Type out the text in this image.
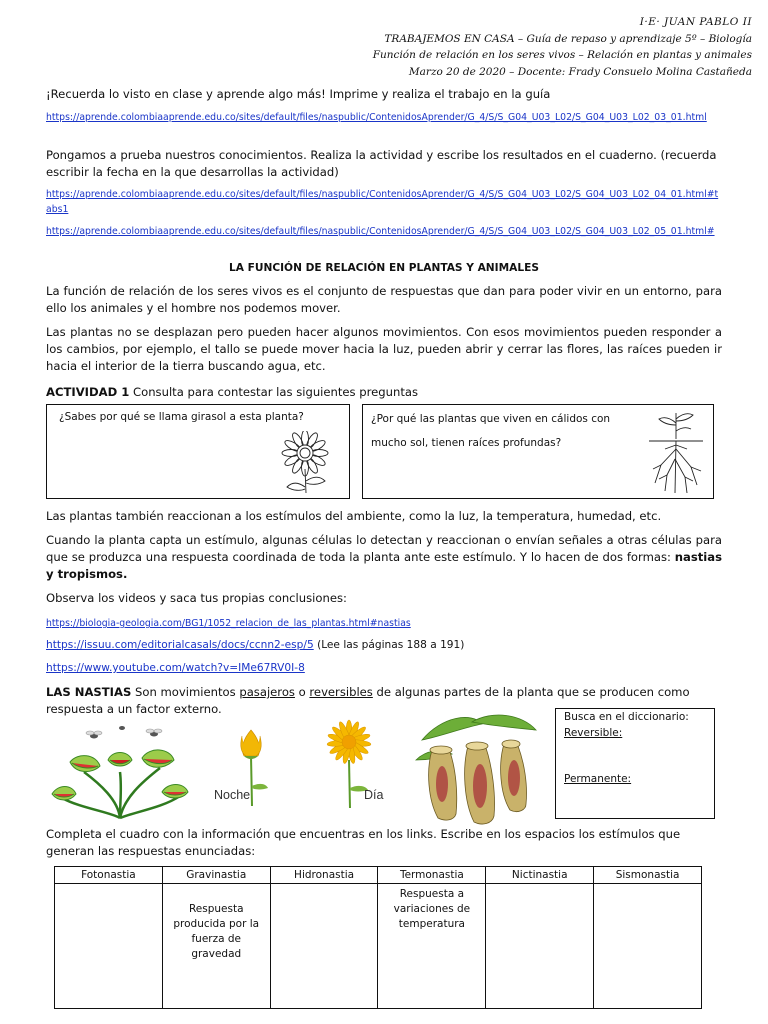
I·E· JUAN PABLO II
TRABAJEMOS EN CASA – Guía de repaso y aprendizaje 5º – Biología
Función de relación en los seres vivos – Relación en plantas y animales
Marzo 20 de 2020 – Docente: Frady Consuelo Molina Castañeda
¡Recuerda lo visto en clase y aprende algo más! Imprime y realiza el trabajo en la guía
https://aprende.colombiaaprende.edu.co/sites/default/files/naspublic/ContenidosAprender/G_4/S/S_G04_U03_L02/S_G04_U03_L02_03_01.html
Pongamos a prueba nuestros conocimientos. Realiza la actividad y escribe los resultados en el cuaderno. (recuerda escribir la fecha en la que desarrollas la actividad)
https://aprende.colombiaaprende.edu.co/sites/default/files/naspublic/ContenidosAprender/G_4/S/S_G04_U03_L02/S_G04_U03_L02_04_01.html#tabs1
https://aprende.colombiaaprende.edu.co/sites/default/files/naspublic/ContenidosAprender/G_4/S/S_G04_U03_L02/S_G04_U03_L02_05_01.html#
LA FUNCIÓN DE RELACIÓN EN PLANTAS Y ANIMALES
La función de relación de los seres vivos es el conjunto de respuestas que dan para poder vivir en un entorno, para ello los animales y el hombre nos podemos mover.
Las plantas no se desplazan pero pueden hacer algunos movimientos. Con esos movimientos pueden responder a los cambios, por ejemplo, el tallo se puede mover hacia la luz, pueden abrir y cerrar las flores, las raíces pueden ir hacia el interior de la tierra buscando agua, etc.
ACTIVIDAD 1 Consulta para contestar las siguientes preguntas
¿Sabes por qué se llama girasol a esta planta?	¿Por qué las plantas que viven en cálidos con
mucho sol, tienen raíces profundas?
Las plantas también reaccionan a los estímulos del ambiente, como la luz, la temperatura, humedad, etc.
Cuando la planta capta un estímulo, algunas células lo detectan y reaccionan o envían señales a otras células para que se produzca una respuesta coordinada de toda la planta ante este estímulo. Y lo hacen de dos formas: nastias y tropismos.
Observa los videos y saca tus propias conclusiones:
https://biologia-geologia.com/BG1/1052_relacion_de_las_plantas.html#nastias
https://issuu.com/editorialcasals/docs/ccnn2-esp/5 (Lee las páginas 188 a 191)
https://www.youtube.com/watch?v=IMe67RV0I-8
LAS NASTIAS Son movimientos pasajeros o reversibles de algunas partes de la planta que se producen como respuesta a un factor externo.
Noche	Día
Busca en el diccionario:
Reversible:
Permanente:
Completa el cuadro con la información que encuentras en los links. Escribe en los espacios los estímulos que generan las respuestas enunciadas:
Fotonastia	Gravinastia	Hidronastia	Termonastia	Nictinastia	Sismonastia
	Respuesta producida por la fuerza de gravedad		Respuesta a variaciones de temperatura		
